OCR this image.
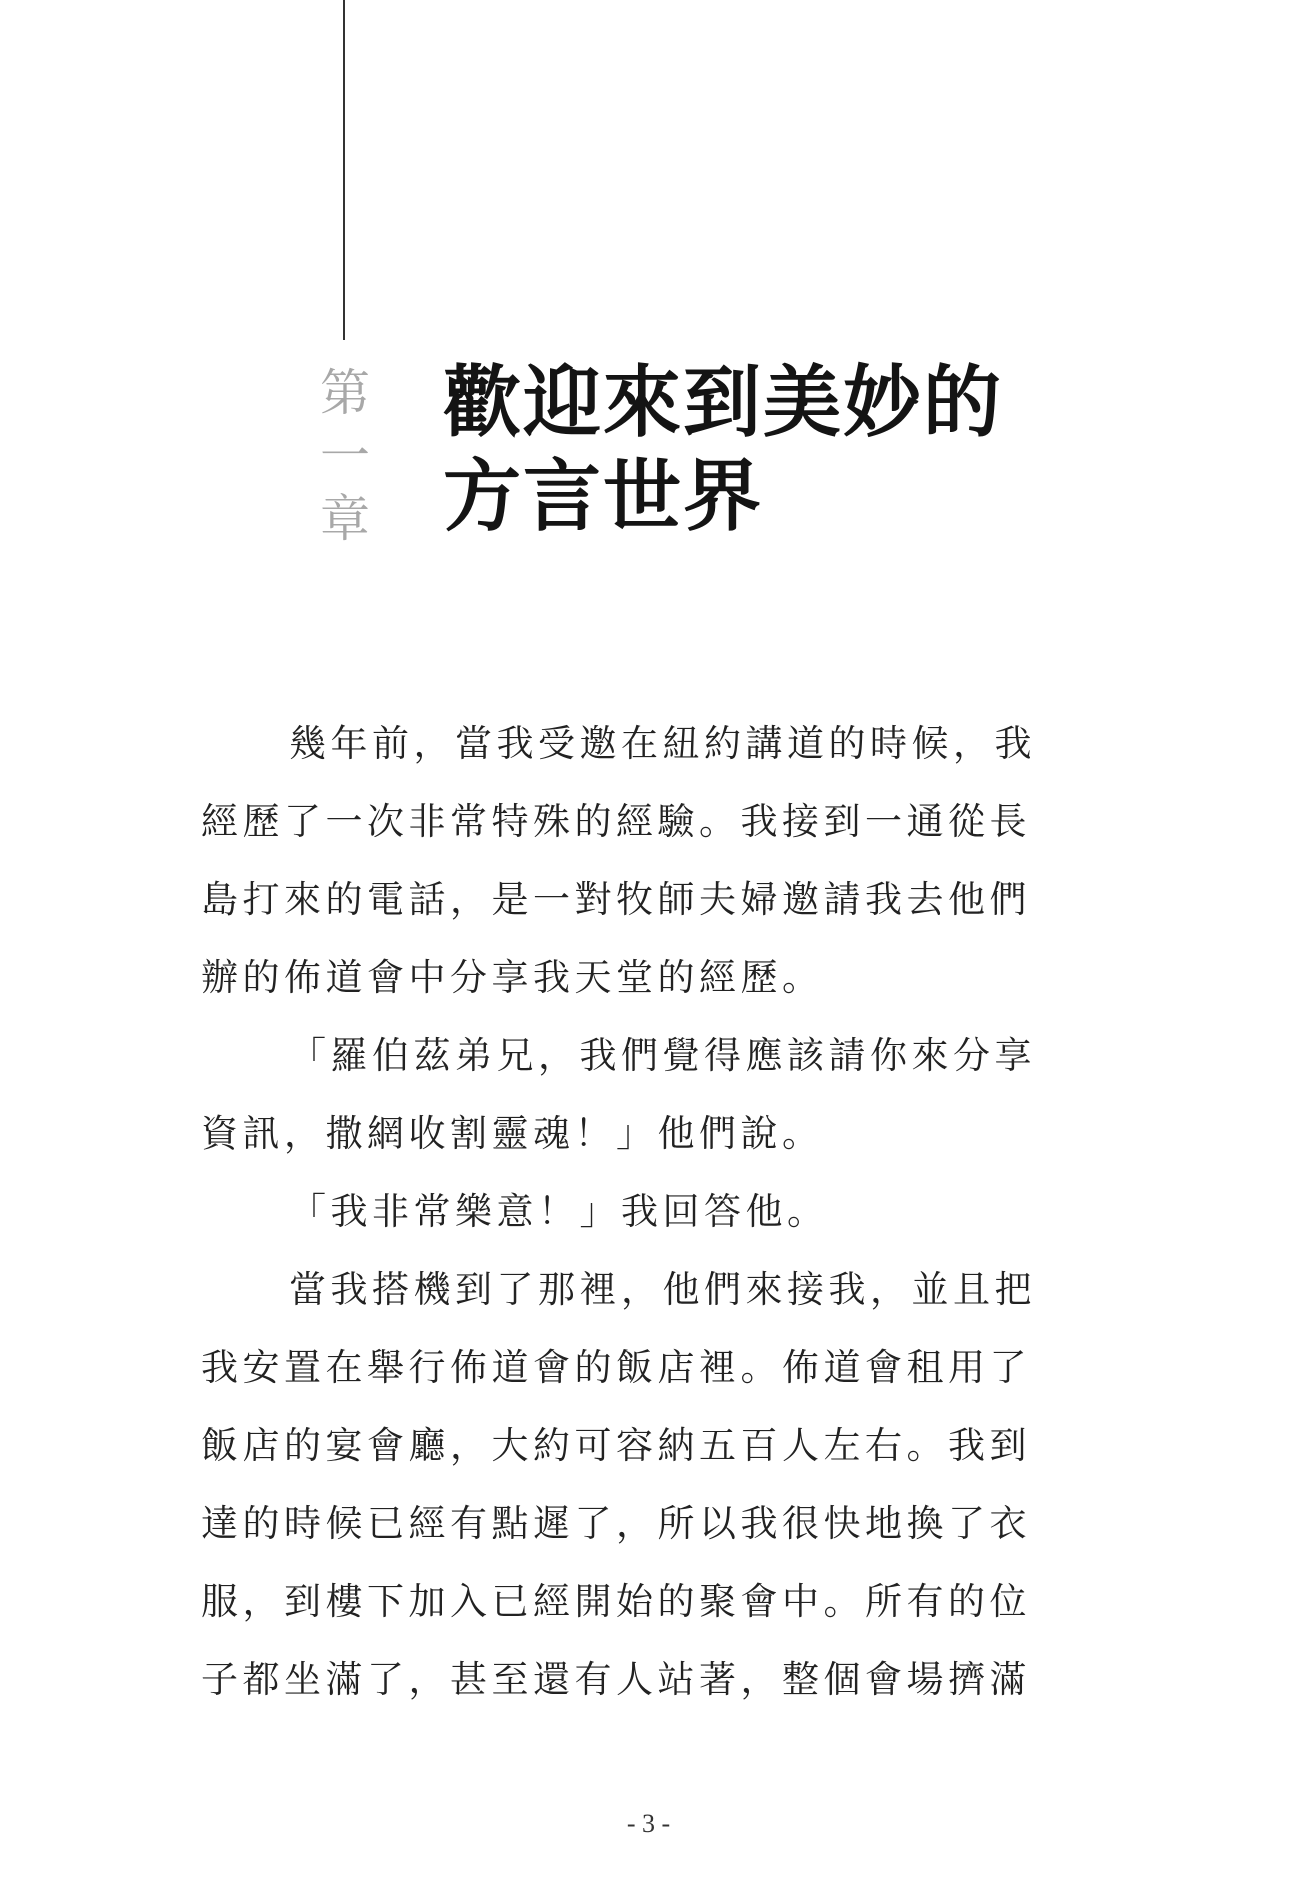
第
一
章
歡迎來到美妙的
方言世界
幾年前，當我受邀在紐約講道的時候，我
經歷了一次非常特殊的經驗。我接到一通從長
島打來的電話，是一對牧師夫婦邀請我去他們
辦的佈道會中分享我天堂的經歷。
「羅伯茲弟兄，我們覺得應該請你來分享
資訊，撒網收割靈魂！」他們說。
「我非常樂意！」我回答他。
當我搭機到了那裡，他們來接我，並且把
我安置在舉行佈道會的飯店裡。佈道會租用了
飯店的宴會廳，大約可容納五百人左右。我到
達的時候已經有點遲了，所以我很快地換了衣
服，到樓下加入已經開始的聚會中。所有的位
子都坐滿了，甚至還有人站著，整個會場擠滿
- 3 -
